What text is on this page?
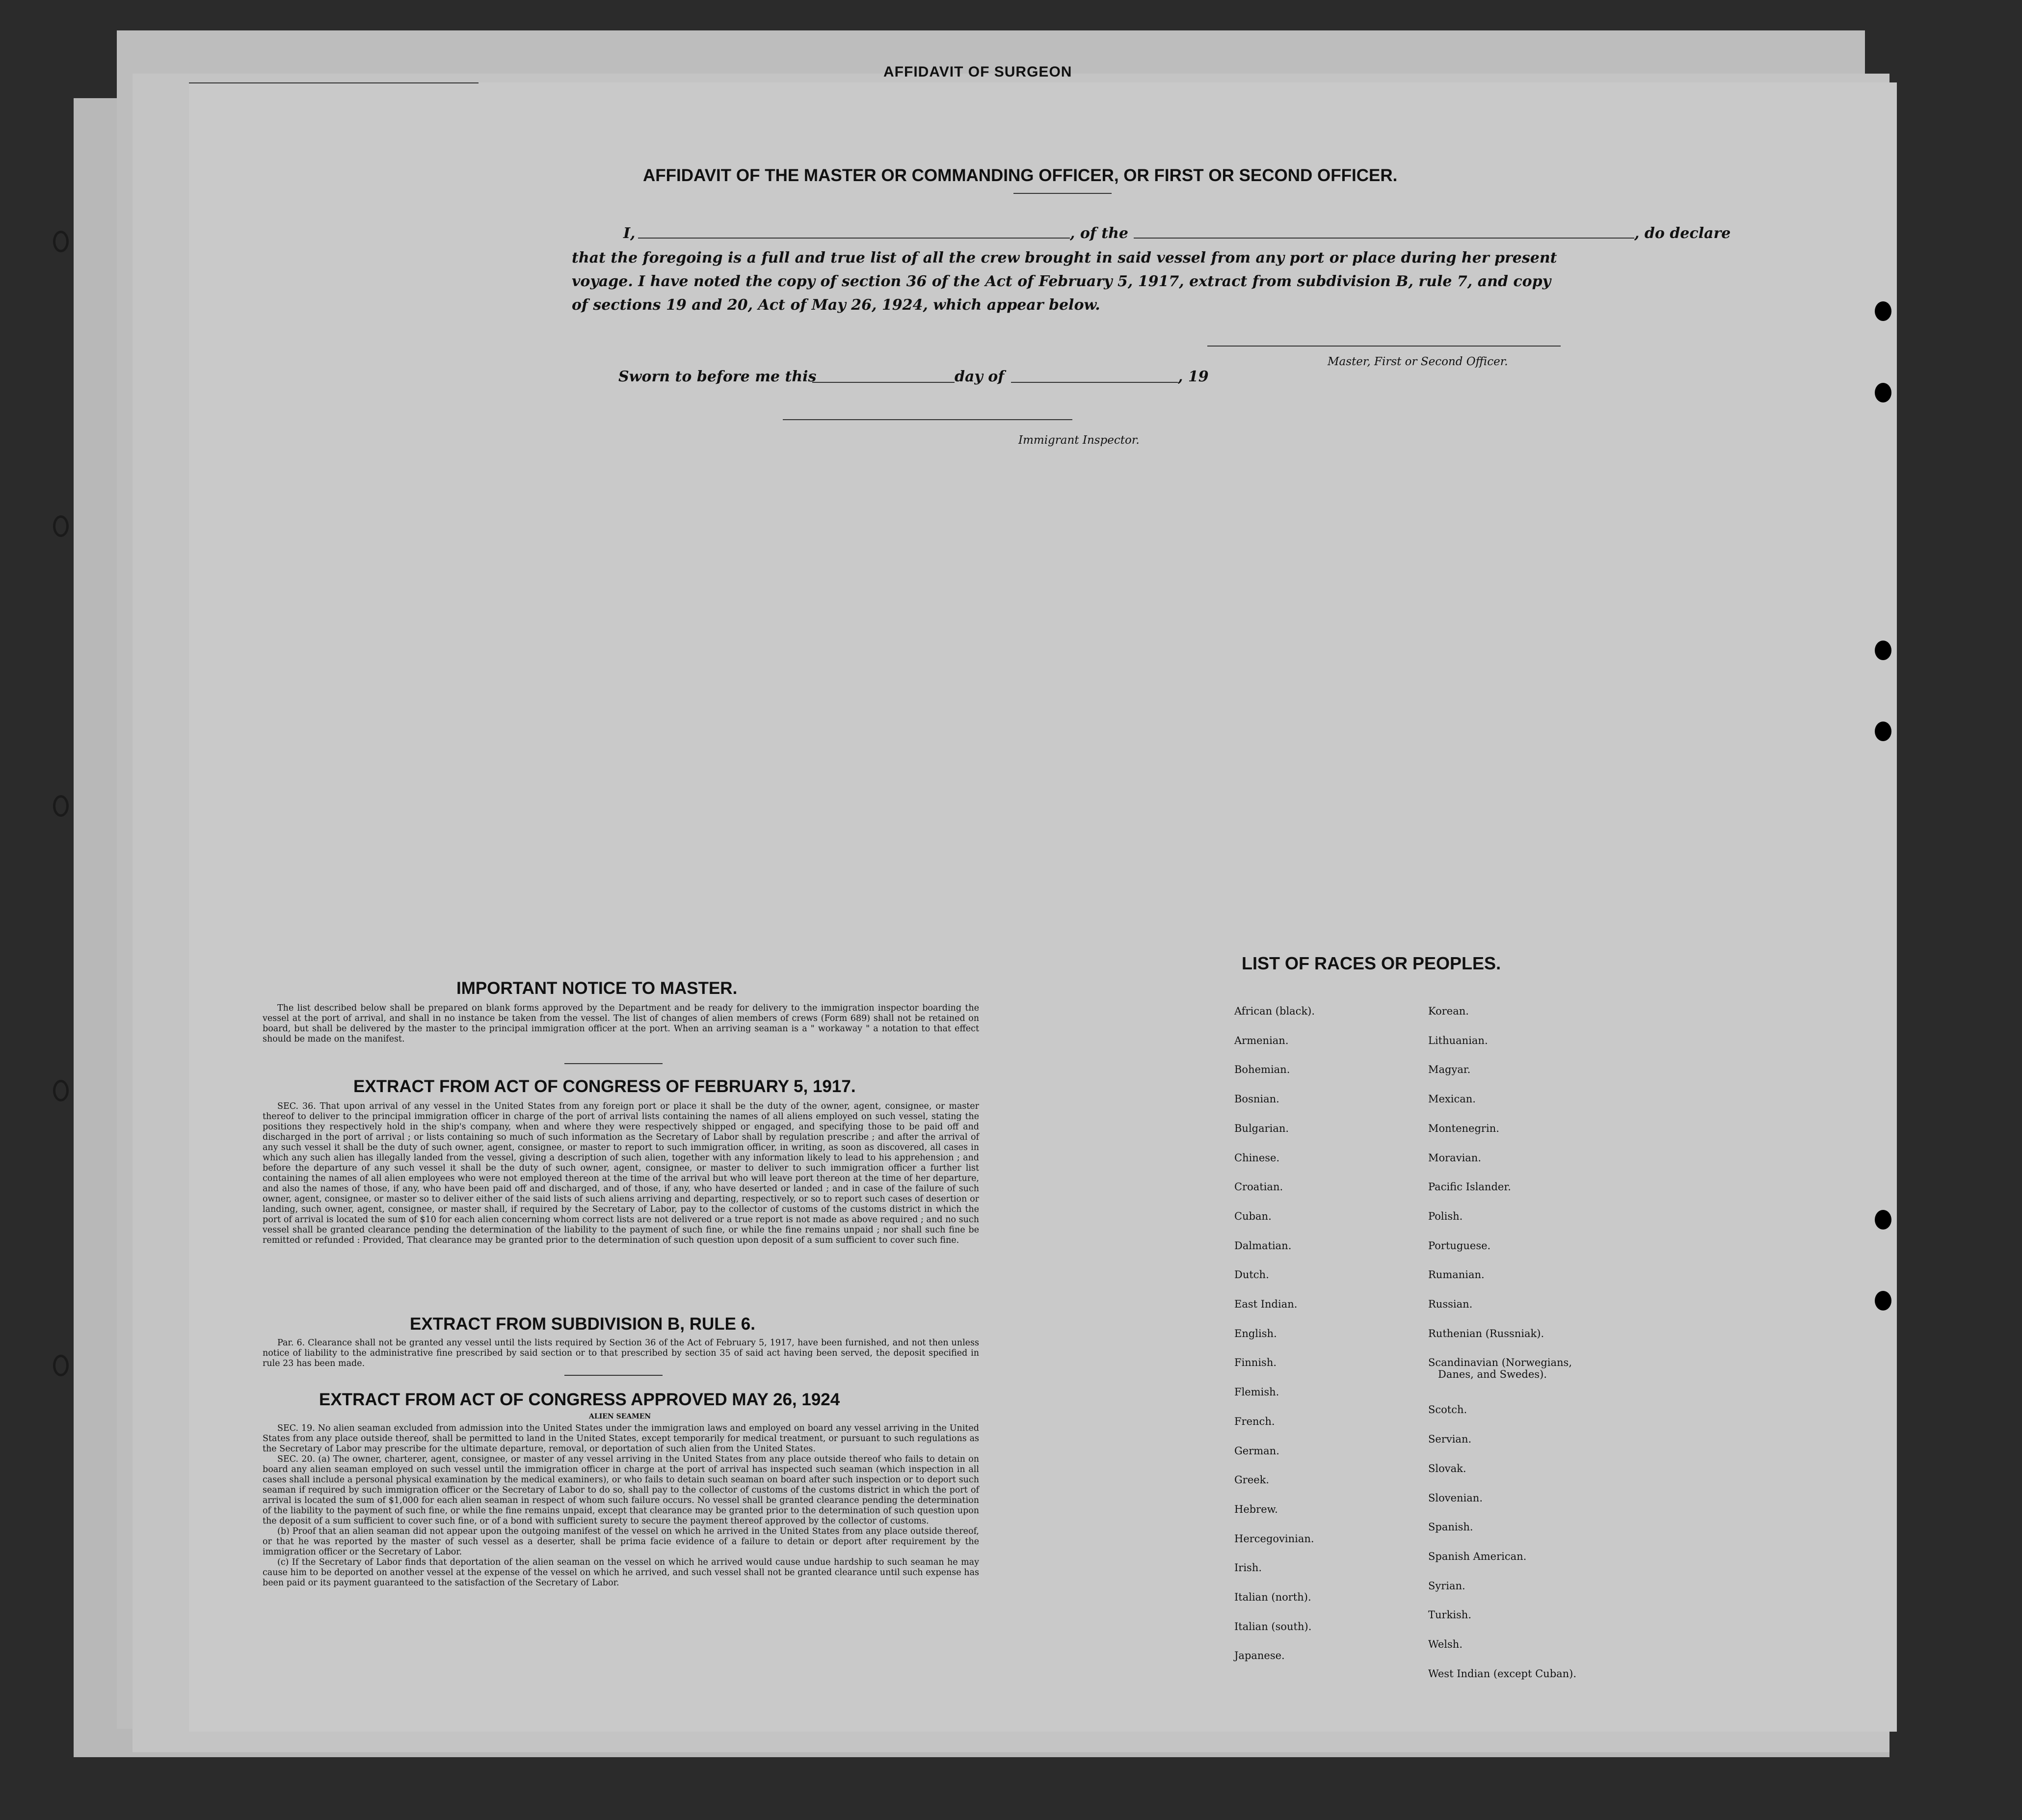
AFFIDAVIT OF SURGEON
AFFIDAVIT OF THE MASTER OR COMMANDING OFFICER, OR FIRST OR SECOND OFFICER.
I,	, of the	, do declare
that the foregoing is a full and true list of all the crew brought in said vessel from any port or place during her present
voyage. I have noted the copy of section 36 of the Act of February 5, 1917, extract from subdivision B, rule 7, and copy
of sections 19 and 20, Act of May 26, 1924, which appear below.
Master, First or Second Officer.
Sworn to before me this	day of	, 19
Immigrant Inspector.
IMPORTANT NOTICE TO MASTER.

The list described below shall be prepared on blank forms approved by the Department and be ready for delivery to the immigration inspector boarding the vessel at the port of arrival, and shall in no instance be taken from the vessel. The list of changes of alien members of crews (Form 689) shall not be retained on board, but shall be delivered by the master to the principal immigration officer at the port. When an arriving seaman is a " workaway " a notation to that effect should be made on the manifest.

EXTRACT FROM ACT OF CONGRESS OF FEBRUARY 5, 1917.

SEC. 36. That upon arrival of any vessel in the United States from any foreign port or place it shall be the duty of the owner, agent, consignee, or master thereof to deliver to the principal immigration officer in charge of the port of arrival lists containing the names of all aliens employed on such vessel, stating the positions they respectively hold in the ship's company, when and where they were respectively shipped or engaged, and specifying those to be paid off and discharged in the port of arrival ; or lists containing so much of such information as the Secretary of Labor shall by regulation prescribe ; and after the arrival of any such vessel it shall be the duty of such owner, agent, consignee, or master to report to such immigration officer, in writing, as soon as discovered, all cases in which any such alien has illegally landed from the vessel, giving a description of such alien, together with any information likely to lead to his apprehension ; and before the departure of any such vessel it shall be the duty of such owner, agent, consignee, or master to deliver to such immigration officer a further list containing the names of all alien employees who were not employed thereon at the time of the arrival but who will leave port thereon at the time of her departure, and also the names of those, if any, who have been paid off and discharged, and of those, if any, who have deserted or landed ; and in case of the failure of such owner, agent, consignee, or master so to deliver either of the said lists of such aliens arriving and departing, respectively, or so to report such cases of desertion or landing, such owner, agent, consignee, or master shall, if required by the Secretary of Labor, pay to the collector of customs of the customs district in which the port of arrival is located the sum of $10 for each alien concerning whom correct lists are not delivered or a true report is not made as above required ; and no such vessel shall be granted clearance pending the determination of the liability to the payment of such fine, or while the fine remains unpaid ; nor shall such fine be remitted or refunded : Provided, That clearance may be granted prior to the determination of such question upon deposit of a sum sufficient to cover such fine.

EXTRACT FROM SUBDIVISION B, RULE 6.

Par. 6. Clearance shall not be granted any vessel until the lists required by Section 36 of the Act of February 5, 1917, have been furnished, and not then unless notice of liability to the administrative fine prescribed by said section or to that prescribed by section 35 of said act having been served, the deposit specified in rule 23 has been made.

EXTRACT FROM ACT OF CONGRESS APPROVED MAY 26, 1924
ALIEN SEAMEN

SEC. 19. No alien seaman excluded from admission into the United States under the immigration laws and employed on board any vessel arriving in the United States from any place outside thereof, shall be permitted to land in the United States, except temporarily for medical treatment, or pursuant to such regulations as the Secretary of Labor may prescribe for the ultimate departure, removal, or deportation of such alien from the United States.

SEC. 20. (a) The owner, charterer, agent, consignee, or master of any vessel arriving in the United States from any place outside thereof who fails to detain on board any alien seaman employed on such vessel until the immigration officer in charge at the port of arrival has inspected such seaman (which inspection in all cases shall include a personal physical examination by the medical examiners), or who fails to detain such seaman on board after such inspection or to deport such seaman if required by such immigration officer or the Secretary of Labor to do so, shall pay to the collector of customs of the customs district in which the port of arrival is located the sum of $1,000 for each alien seaman in respect of whom such failure occurs. No vessel shall be granted clearance pending the determination of the liability to the payment of such fine, or while the fine remains unpaid, except that clearance may be granted prior to the determination of such question upon the deposit of a sum sufficient to cover such fine, or of a bond with sufficient surety to secure the payment thereof approved by the collector of customs.

(b) Proof that an alien seaman did not appear upon the outgoing manifest of the vessel on which he arrived in the United States from any place outside thereof, or that he was reported by the master of such vessel as a deserter, shall be prima facie evidence of a failure to detain or deport after requirement by the immigration officer or the Secretary of Labor.

(c) If the Secretary of Labor finds that deportation of the alien seaman on the vessel on which he arrived would cause undue hardship to such seaman he may cause him to be deported on another vessel at the expense of the vessel on which he arrived, and such vessel shall not be granted clearance until such expense has been paid or its payment guaranteed to the satisfaction of the Secretary of Labor.

LIST OF RACES OR PEOPLES.
African (black).
Armenian.
Bohemian.
Bosnian.
Bulgarian.
Chinese.
Croatian.
Cuban.
Dalmatian.
Dutch.
East Indian.
English.
Finnish.
Flemish.
French.
German.
Greek.
Hebrew.
Hercegovinian.
Irish.
Italian (north).
Italian (south).
Japanese.
Korean.
Lithuanian.
Magyar.
Mexican.
Montenegrin.
Moravian.
Pacific Islander.
Polish.
Portuguese.
Rumanian.
Russian.
Ruthenian (Russniak).
Scandinavian (Norwegians,
Danes, and Swedes).
Scotch.
Servian.
Slovak.
Slovenian.
Spanish.
Spanish American.
Syrian.
Turkish.
Welsh.
West Indian (except Cuban).
